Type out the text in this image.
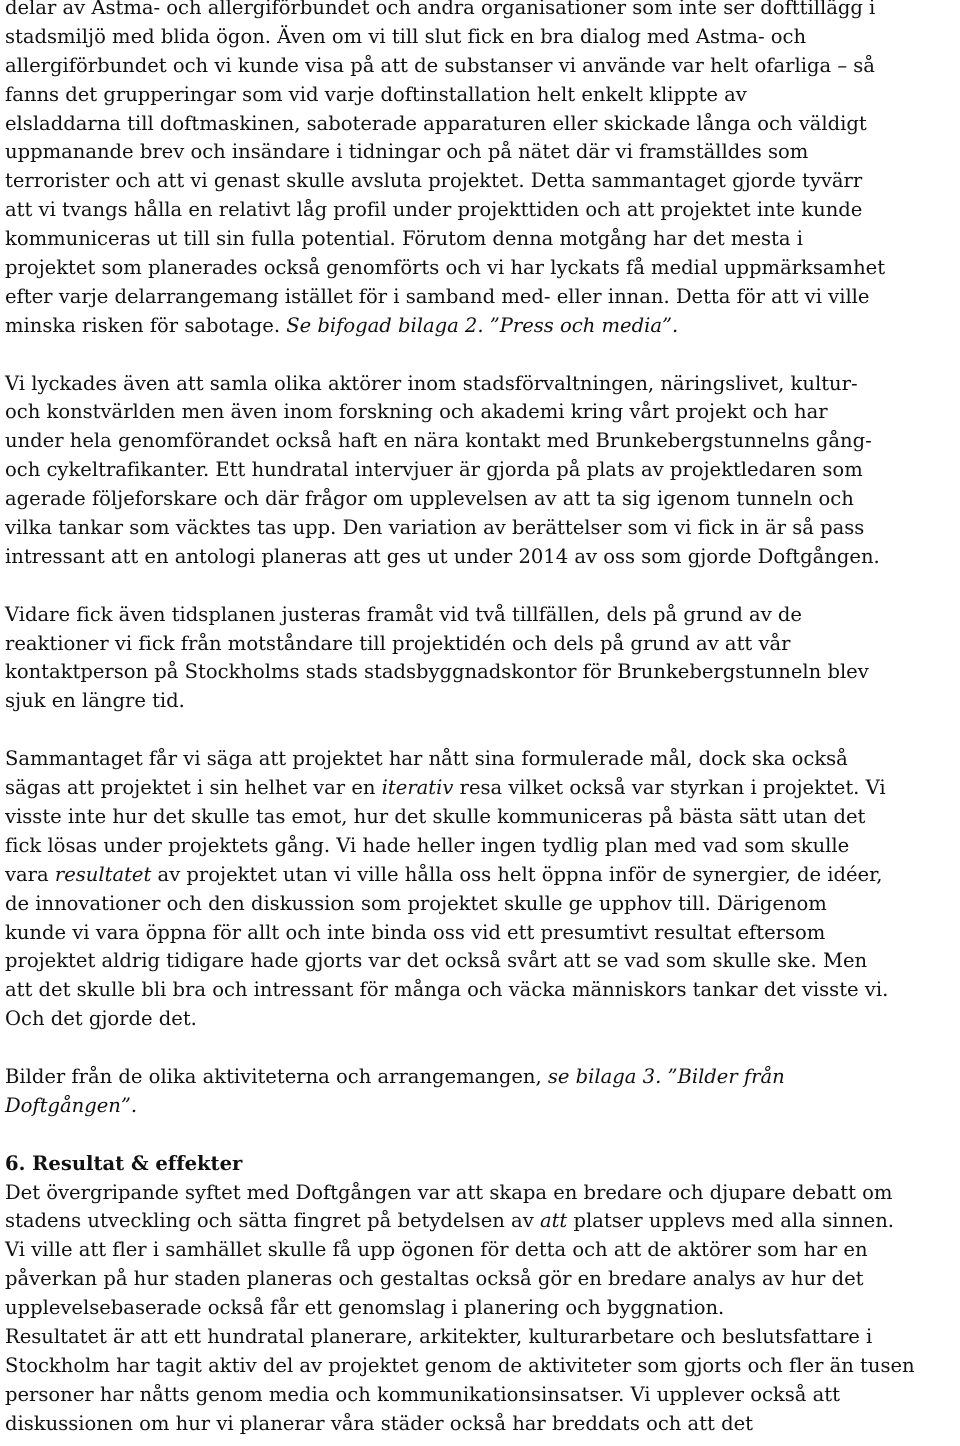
delar av Astma- och allergiförbundet och andra organisationer som inte ser dofttillägg i
stadsmiljö med blida ögon. Även om vi till slut fick en bra dialog med Astma- och
allergiförbundet och vi kunde visa på att de substanser vi använde var helt ofarliga – så
fanns det grupperingar som vid varje doftinstallation helt enkelt klippte av
elsladdarna till doftmaskinen, saboterade apparaturen eller skickade långa och väldigt
uppmanande brev och insändare i tidningar och på nätet där vi framställdes som
terrorister och att vi genast skulle avsluta projektet. Detta sammantaget gjorde tyvärr
att vi tvangs hålla en relativt låg profil under projekttiden och att projektet inte kunde
kommuniceras ut till sin fulla potential. Förutom denna motgång har det mesta i
projektet som planerades också genomförts och vi har lyckats få medial uppmärksamhet
efter varje delarrangemang istället för i samband med- eller innan. Detta för att vi ville
minska risken för sabotage. Se bifogad bilaga 2. ”Press och media”.
Vi lyckades även att samla olika aktörer inom stadsförvaltningen, näringslivet, kultur-
och konstvärlden men även inom forskning och akademi kring vårt projekt och har
under hela genomförandet också haft en nära kontakt med Brunkebergstunnelns gång-
och cykeltrafikanter. Ett hundratal intervjuer är gjorda på plats av projektledaren som
agerade följeforskare och där frågor om upplevelsen av att ta sig igenom tunneln och
vilka tankar som väcktes tas upp. Den variation av berättelser som vi fick in är så pass
intressant att en antologi planeras att ges ut under 2014 av oss som gjorde Doftgången.
Vidare fick även tidsplanen justeras framåt vid två tillfällen, dels på grund av de
reaktioner vi fick från motståndare till projektidén och dels på grund av att vår
kontaktperson på Stockholms stads stadsbyggnadskontor för Brunkebergstunneln blev
sjuk en längre tid.
Sammantaget får vi säga att projektet har nått sina formulerade mål, dock ska också
sägas att projektet i sin helhet var en iterativ resa vilket också var styrkan i projektet. Vi
visste inte hur det skulle tas emot, hur det skulle kommuniceras på bästa sätt utan det
fick lösas under projektets gång. Vi hade heller ingen tydlig plan med vad som skulle
vara resultatet av projektet utan vi ville hålla oss helt öppna inför de synergier, de idéer,
de innovationer och den diskussion som projektet skulle ge upphov till. Därigenom
kunde vi vara öppna för allt och inte binda oss vid ett presumtivt resultat eftersom
projektet aldrig tidigare hade gjorts var det också svårt att se vad som skulle ske. Men
att det skulle bli bra och intressant för många och väcka människors tankar det visste vi.
Och det gjorde det.
Bilder från de olika aktiviteterna och arrangemangen, se bilaga 3. ”Bilder från
Doftgången”.
6. Resultat & effekter
Det övergripande syftet med Doftgången var att skapa en bredare och djupare debatt om
stadens utveckling och sätta fingret på betydelsen av att platser upplevs med alla sinnen.
Vi ville att fler i samhället skulle få upp ögonen för detta och att de aktörer som har en
påverkan på hur staden planeras och gestaltas också gör en bredare analys av hur det
upplevelsebaserade också får ett genomslag i planering och byggnation.
Resultatet är att ett hundratal planerare, arkitekter, kulturarbetare och beslutsfattare i
Stockholm har tagit aktiv del av projektet genom de aktiviteter som gjorts och fler än tusen
personer har nåtts genom media och kommunikationsinsatser. Vi upplever också att
diskussionen om hur vi planerar våra städer också har breddats och att det
